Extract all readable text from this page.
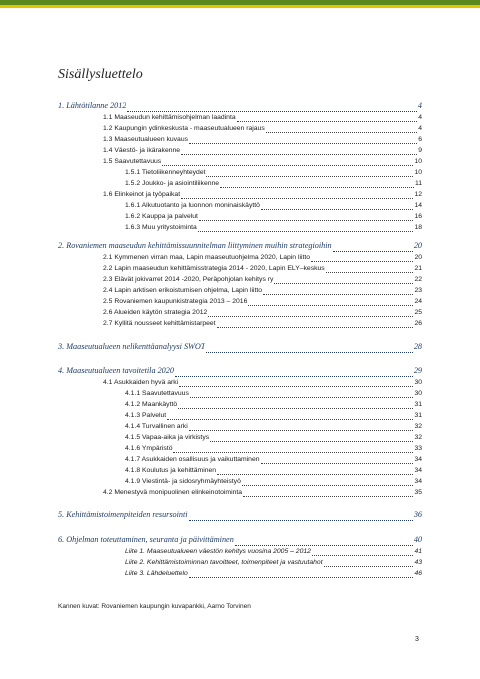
Sisällysluettelo
1. Lähtötilanne 2012	4
1.1 Maaseudun kehittämisohjelman laadinta	4
1.2 Kaupungin ydinkeskusta - maaseutualueen rajaus	4
1.3 Maaseutualueen kuvaus	6
1.4 Väestö- ja ikärakenne	9
1.5 Saavutettavuus	10
1.5.1 Tietoliikenneyhteydet	10
1.5.2 Joukko- ja asiointiliikenne	11
1.6 Elinkeinot ja työpaikat	12
1.6.1 Alkutuotanto ja luonnon moninaiskäyttö	14
1.6.2 Kauppa ja palvelut	16
1.6.3 Muu yritystoiminta	18
2. Rovaniemen maaseudun kehittämissuunnitelman liittyminen muihin strategioihin	20
2.1 Kymmenen virran maa, Lapin maaseutuohjelma 2020, Lapin liitto	20
2.2 Lapin maaseudun kehittämisstrategia 2014 - 2020, Lapin ELY–keskus	21
2.3 Elävät jokivarret 2014 -2020, Peräpohjolan kehitys ry	22
2.4 Lapin arktisen erikoistumisen ohjelma, Lapin liitto	23
2.5 Rovaniemen kaupunkistrategia 2013 – 2016	24
2.6 Alueiden käytön strategia 2012	25
2.7 Kyllitä nousseet kehittämistarpeet	26
3. Maaseutualueen nelikenttäanalyysi SWOT	28
4. Maaseutualueen tavoitetila 2020	29
4.1 Asukkaiden hyvä arki	30
4.1.1 Saavutettavuus	30
4.1.2 Maankäyttö	31
4.1.3 Palvelut	31
4.1.4 Turvallinen arki	32
4.1.5 Vapaa-aika ja virkistys	32
4.1.6 Ympäristö	33
4.1.7 Asukkaiden osallisuus ja vaikuttaminen	34
4.1.8 Koulutus ja kehittäminen	34
4.1.9 Viestintä- ja sidosryhmäyhteistyö	34
4.2 Menestyvä monipuolinen elinkeinotoiminta	35
5. Kehittämistoimenpiteiden resursointi	36
6. Ohjelman toteuttaminen, seuranta ja päivittäminen	40
Liite 1. Maaseutualueen väestön kehitys vuosina 2005 – 2012	41
Liite 2. Kehittämistoiminnan tavoitteet, toimenpiteet ja vastuutahot	43
Liite 3. Lähdeluettelo	46
Kannen kuvat: Rovaniemen kaupungin kuvapankki, Aarno Torvinen
3
